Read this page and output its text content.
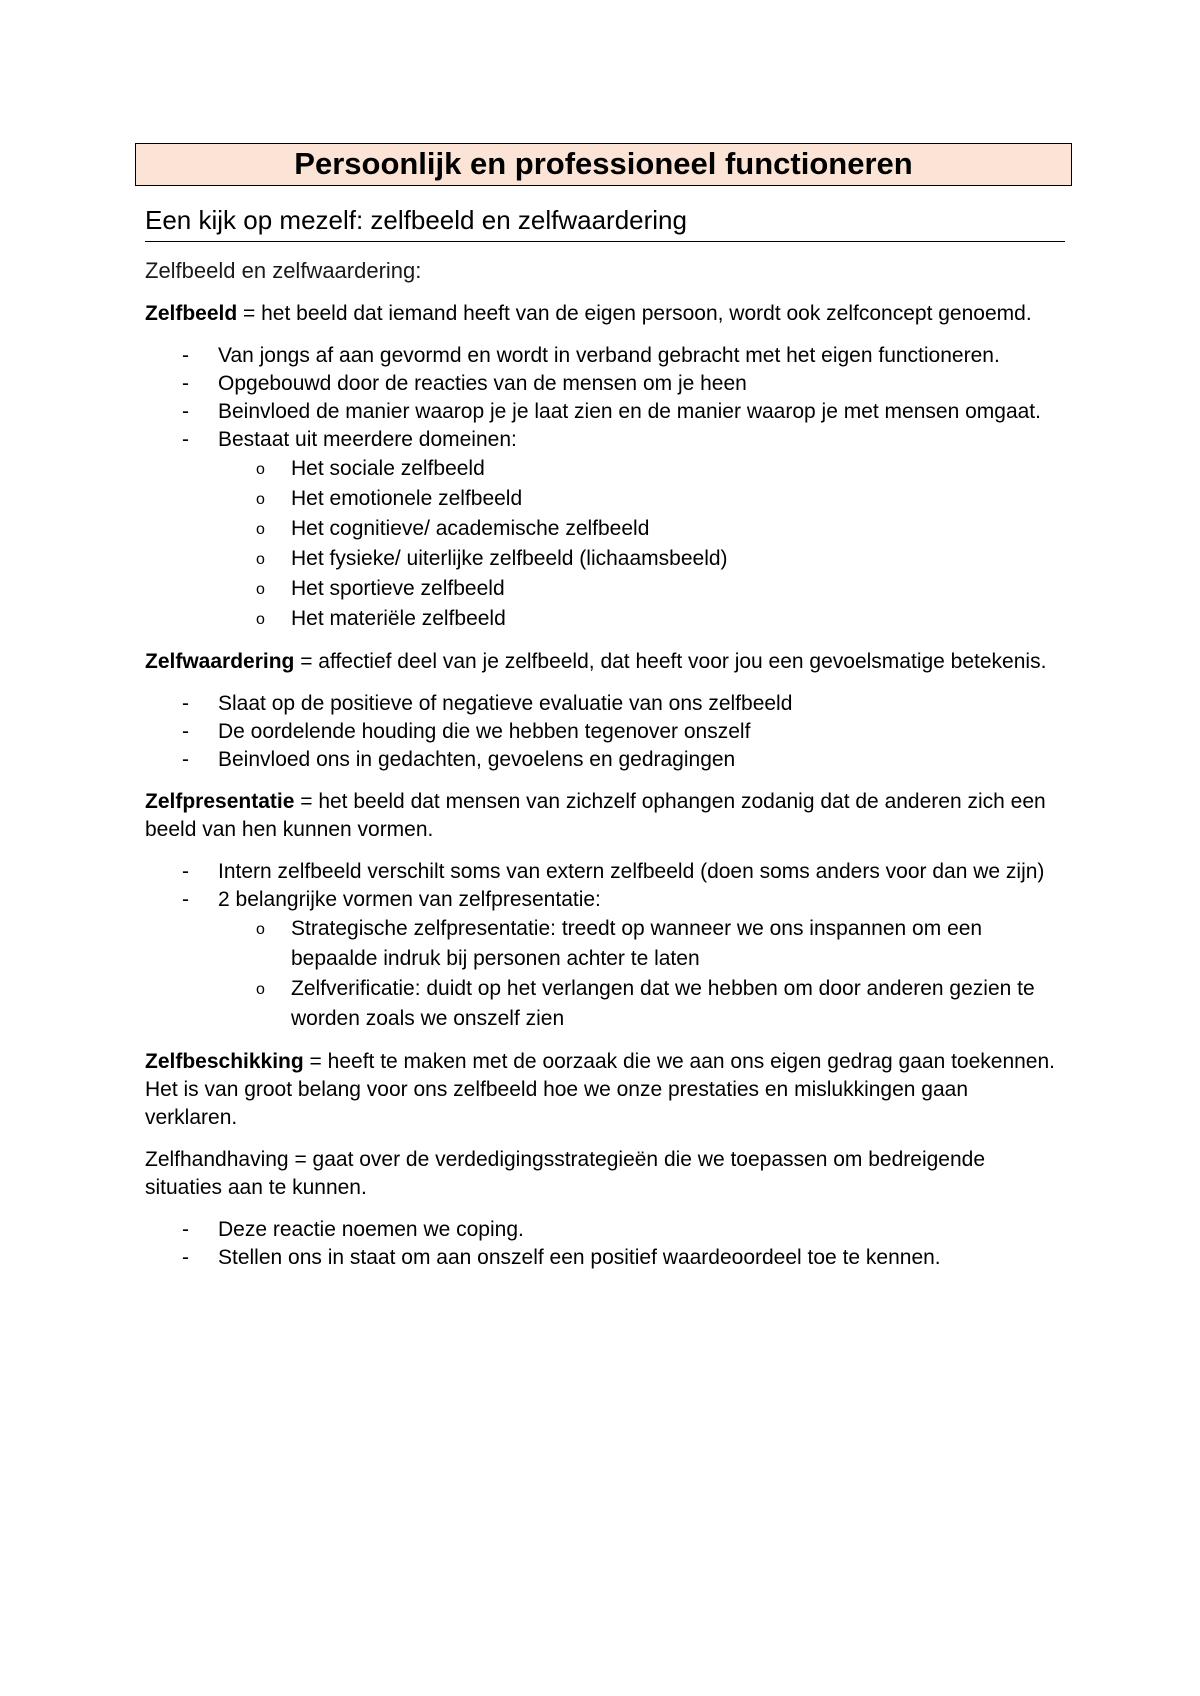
Persoonlijk en professioneel functioneren
Een kijk op mezelf: zelfbeeld en zelfwaardering
Zelfbeeld en zelfwaardering:

Zelfbeeld = het beeld dat iemand heeft van de eigen persoon, wordt ook zelfconcept genoemd.

- Van jongs af aan gevormd en wordt in verband gebracht met het eigen functioneren.
- Opgebouwd door de reacties van de mensen om je heen
- Beinvloed de manier waarop je je laat zien en de manier waarop je met mensen omgaat.
- Bestaat uit meerdere domeinen:
o Het sociale zelfbeeld
o Het emotionele zelfbeeld
o Het cognitieve/ academische zelfbeeld
o Het fysieke/ uiterlijke zelfbeeld (lichaamsbeeld)
o Het sportieve zelfbeeld
o Het materiële zelfbeeld

Zelfwaardering = affectief deel van je zelfbeeld, dat heeft voor jou een gevoelsmatige betekenis.

- Slaat op de positieve of negatieve evaluatie van ons zelfbeeld
- De oordelende houding die we hebben tegenover onszelf
- Beinvloed ons in gedachten, gevoelens en gedragingen

Zelfpresentatie = het beeld dat mensen van zichzelf ophangen zodanig dat de anderen zich een beeld van hen kunnen vormen.

- Intern zelfbeeld verschilt soms van extern zelfbeeld (doen soms anders voor dan we zijn)
- 2 belangrijke vormen van zelfpresentatie:
o Strategische zelfpresentatie: treedt op wanneer we ons inspannen om een bepaalde indruk bij personen achter te laten
o Zelfverificatie: duidt op het verlangen dat we hebben om door anderen gezien te worden zoals we onszelf zien

Zelfbeschikking = heeft te maken met de oorzaak die we aan ons eigen gedrag gaan toekennen. Het is van groot belang voor ons zelfbeeld hoe we onze prestaties en mislukkingen gaan verklaren.

Zelfhandhaving = gaat over de verdedigingsstrategieën die we toepassen om bedreigende situaties aan te kunnen.

- Deze reactie noemen we coping.
- Stellen ons in staat om aan onszelf een positief waardeoordeel toe te kennen.
